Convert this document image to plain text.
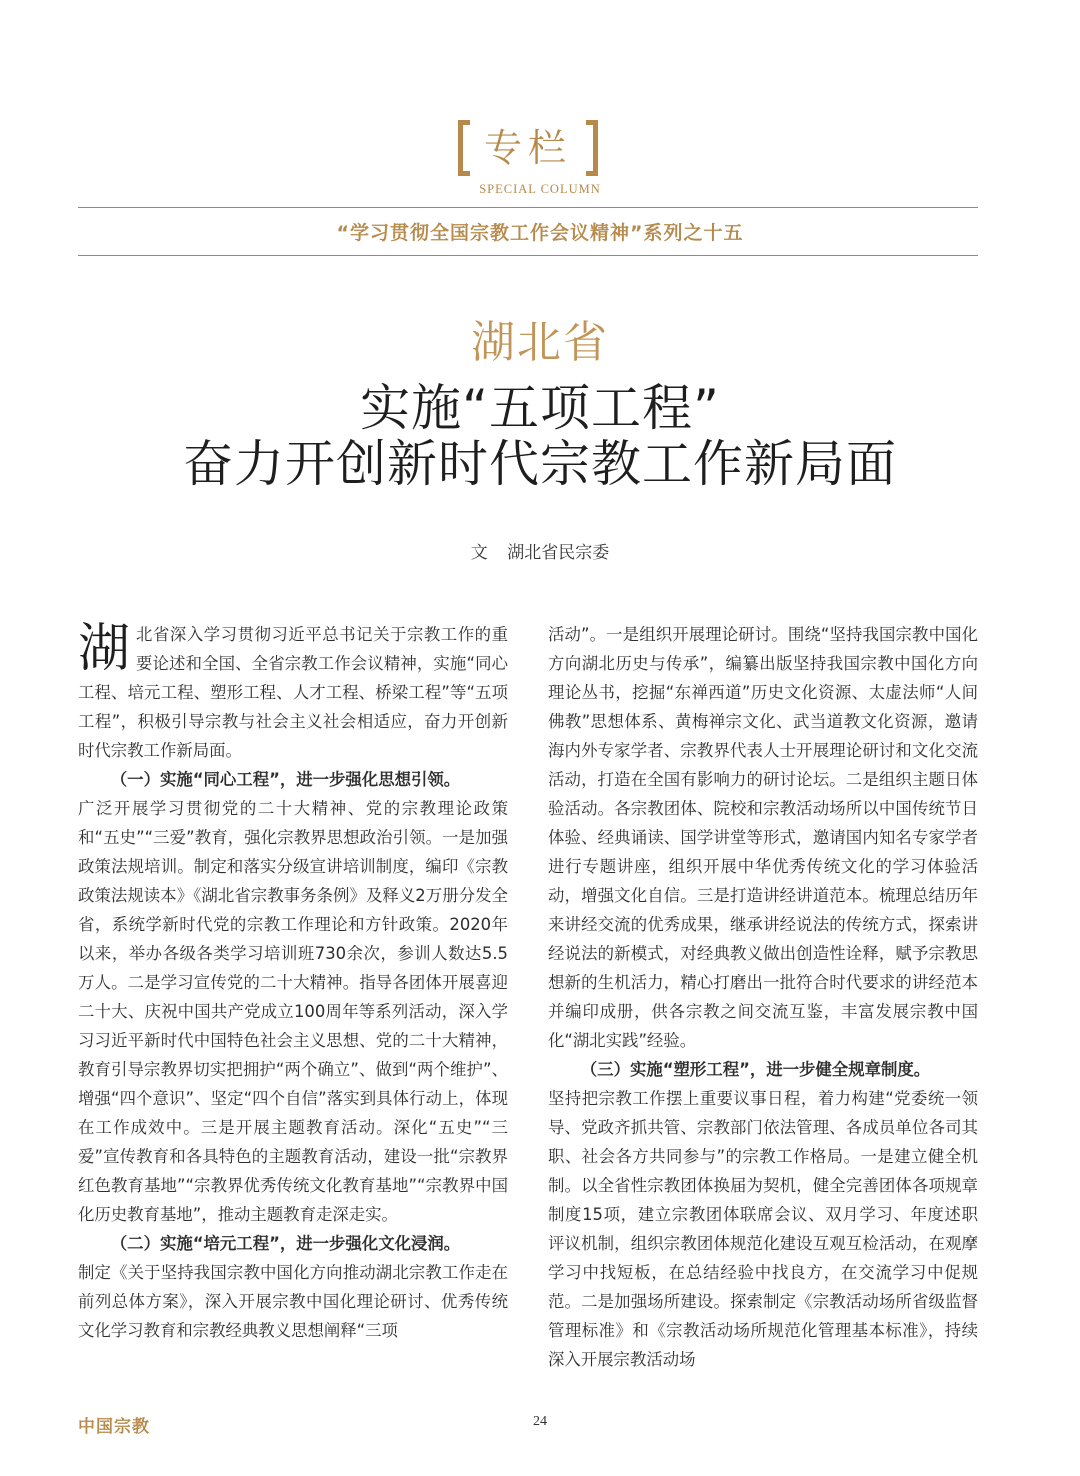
专栏
SPECIAL COLUMN
“学习贯彻全国宗教工作会议精神”系列之十五
湖北省
实施“五项工程”
奋力开创新时代宗教工作新局面
文 湖北省民宗委

湖北省深入学习贯彻习近平总书记关于宗教工作的重要论述和全国、全省宗教工作会议精神，实施“同心工程、培元工程、塑形工程、人才工程、桥梁工程”等“五项工程”，积极引导宗教与社会主义社会相适应，奋力开创新时代宗教工作新局面。

（一）实施“同心工程”，进一步强化思想引领。

广泛开展学习贯彻党的二十大精神、党的宗教理论政策和“五史”“三爱”教育，强化宗教界思想政治引领。一是加强政策法规培训。制定和落实分级宣讲培训制度，编印《宗教政策法规读本》《湖北省宗教事务条例》及释义2万册分发全省，系统学新时代党的宗教工作理论和方针政策。2020年以来，举办各级各类学习培训班730余次，参训人数达5.5万人。二是学习宣传党的二十大精神。指导各团体开展喜迎二十大、庆祝中国共产党成立100周年等系列活动，深入学习习近平新时代中国特色社会主义思想、党的二十大精神，教育引导宗教界切实把拥护“两个确立”、做到“两个维护”、增强“四个意识”、坚定“四个自信”落实到具体行动上，体现在工作成效中。三是开展主题教育活动。深化“五史”“三爱”宣传教育和各具特色的主题教育活动，建设一批“宗教界红色教育基地”“宗教界优秀传统文化教育基地”“宗教界中国化历史教育基地”，推动主题教育走深走实。

（二）实施“培元工程”，进一步强化文化浸润。

制定《关于坚持我国宗教中国化方向推动湖北宗教工作走在前列总体方案》，深入开展宗教中国化理论研讨、优秀传统文化学习教育和宗教经典教义思想阐释“三项

活动”。一是组织开展理论研讨。围绕“坚持我国宗教中国化方向湖北历史与传承”，编纂出版坚持我国宗教中国化方向理论丛书，挖掘“东禅西道”历史文化资源、太虚法师“人间佛教”思想体系、黄梅禅宗文化、武当道教文化资源，邀请海内外专家学者、宗教界代表人士开展理论研讨和文化交流活动，打造在全国有影响力的研讨论坛。二是组织主题日体验活动。各宗教团体、院校和宗教活动场所以中国传统节日体验、经典诵读、国学讲堂等形式，邀请国内知名专家学者进行专题讲座，组织开展中华优秀传统文化的学习体验活动，增强文化自信。三是打造讲经讲道范本。梳理总结历年来讲经交流的优秀成果，继承讲经说法的传统方式，探索讲经说法的新模式，对经典教义做出创造性诠释，赋予宗教思想新的生机活力，精心打磨出一批符合时代要求的讲经范本并编印成册，供各宗教之间交流互鉴，丰富发展宗教中国化“湖北实践”经验。

（三）实施“塑形工程”，进一步健全规章制度。

坚持把宗教工作摆上重要议事日程，着力构建“党委统一领导、党政齐抓共管、宗教部门依法管理、各成员单位各司其职、社会各方共同参与”的宗教工作格局。一是建立健全机制。以全省性宗教团体换届为契机，健全完善团体各项规章制度15项，建立宗教团体联席会议、双月学习、年度述职评议机制，组织宗教团体规范化建设互观互检活动，在观摩学习中找短板，在总结经验中找良方，在交流学习中促规范。二是加强场所建设。探索制定《宗教活动场所省级监督管理标准》和《宗教活动场所规范化管理基本标准》，持续深入开展宗教活动场

中国宗教	24
